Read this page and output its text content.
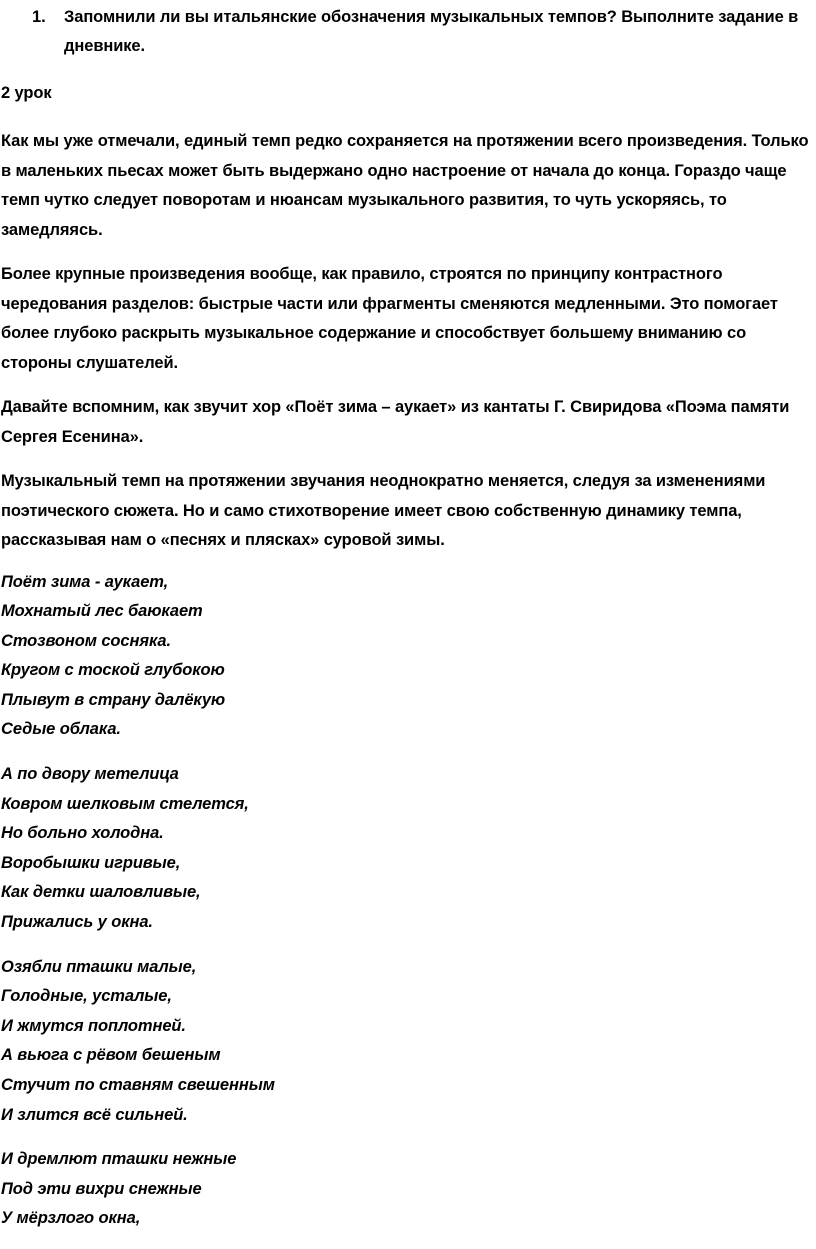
1.	Запомнили ли вы итальянские обозначения музыкальных темпов? Выполните задание в дневнике.
2 урок

Как мы уже отмечали, единый темп редко сохраняется на протяжении всего произведения. Только в маленьких пьесах может быть выдержано одно настроение от начала до конца. Гораздо чаще темп чутко следует поворотам и нюансам музыкального развития, то чуть ускоряясь, то замедляясь.

Более крупные произведения вообще, как правило, строятся по принципу контрастного чередования разделов: быстрые части или фрагменты сменяются медленными. Это помогает более глубоко раскрыть музыкальное содержание и способствует большему вниманию со стороны слушателей.

Давайте вспомним, как звучит хор «Поёт зима – аукает» из кантаты Г. Свиридова «Поэма памяти Сергея Есенина».

Музыкальный темп на протяжении звучания неоднократно меняется, следуя за изменениями поэтического сюжета. Но и само стихотворение имеет свою собственную динамику темпа, рассказывая нам о «песнях и плясках» суровой зимы.

Поёт зима - аукает,
Мохнатый лес баюкает
Стозвоном сосняка.
Кругом с тоской глубокою
Плывут в страну далёкую
Седые облака.
А по двору метелица
Ковром шелковым стелется,
Но больно холодна.
Воробышки игривые,
Как детки шаловливые,
Прижались у окна.
Озябли пташки малые,
Голодные, усталые,
И жмутся поплотней.
А вьюга с рёвом бешеным
Стучит по ставням свешенным
И злится всё сильней.
И дремлют пташки нежные
Под эти вихри снежные
У мёрзлого окна,
